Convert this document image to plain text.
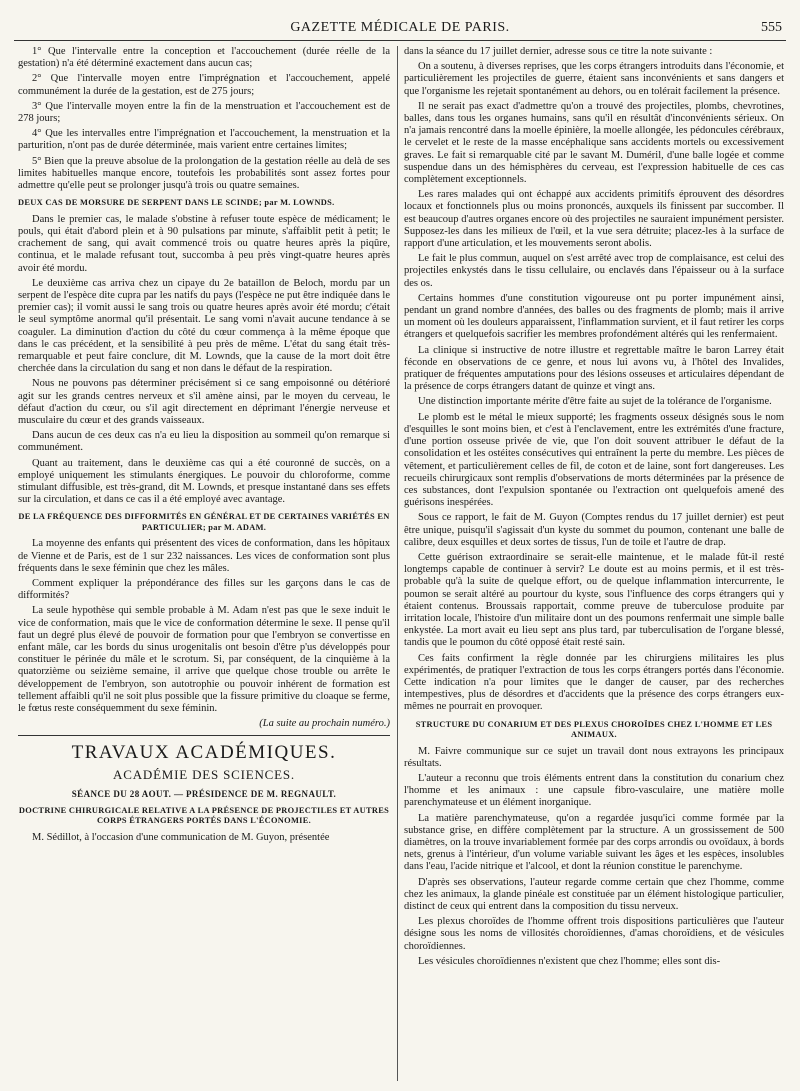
GAZETTE MÉDICALE DE PARIS.	555

1° Que l'intervalle entre la conception et l'accouchement (durée réelle de la gestation) n'a été déterminé exactement dans aucun cas;

2° Que l'intervalle moyen entre l'imprégnation et l'accouchement, appelé communément la durée de la gestation, est de 275 jours;

3° Que l'intervalle moyen entre la fin de la menstruation et l'accouchement est de 278 jours;

4° Que les intervalles entre l'imprégnation et l'accouchement, la menstruation et la parturition, n'ont pas de durée déterminée, mais varient entre certaines limites;

5° Bien que la preuve absolue de la prolongation de la gestation réelle au delà de ses limites habituelles manque encore, toutefois les probabilités sont assez fortes pour admettre qu'elle peut se prolonger jusqu'à trois ou quatre semaines.

DEUX CAS DE MORSURE DE SERPENT DANS LE SCINDE; par M. LOWNDS.

Dans le premier cas, le malade s'obstine à refuser toute espèce de médicament; le pouls, qui était d'abord plein et à 90 pulsations par minute, s'affaiblit petit à petit; le crachement de sang, qui avait commencé trois ou quatre heures après la piqûre, continua, et le malade refusant tout, succomba à peu près vingt-quatre heures après avoir été mordu.

Le deuxième cas arriva chez un cipaye du 2e bataillon de Beloch, mordu par un serpent de l'espèce dite cupra par les natifs du pays (l'espèce ne put être indiquée dans le premier cas); il vomit aussi le sang trois ou quatre heures après avoir été mordu; c'était le seul symptôme anormal qu'il présentait. Le sang vomi n'avait aucune tendance à se coaguler. La diminution d'action du côté du cœur commença à la même époque que dans le cas précédent, et la sensibilité à peu près de même. L'état du sang était très-remarquable et peut faire conclure, dit M. Lownds, que la cause de la mort doit être cherchée dans la circulation du sang et non dans le défaut de la respiration.

Nous ne pouvons pas déterminer précisément si ce sang empoisonné ou détérioré agit sur les grands centres nerveux et s'il amène ainsi, par le moyen du cerveau, le défaut d'action du cœur, ou s'il agit directement en déprimant l'énergie nerveuse et musculaire du cœur et des grands vaisseaux.

Dans aucun de ces deux cas n'a eu lieu la disposition au sommeil qu'on remarque si communément.

Quant au traitement, dans le deuxième cas qui a été couronné de succès, on a employé uniquement les stimulants énergiques. Le pouvoir du chloroforme, comme stimulant diffusible, est très-grand, dit M. Lownds, et presque instantané dans ses effets sur la circulation, et dans ce cas il a été employé avec avantage.

DE LA FRÉQUENCE DES DIFFORMITÉS EN GÉNÉRAL ET DE CERTAINES VARIÉTÉS EN PARTICULIER; par M. ADAM.

La moyenne des enfants qui présentent des vices de conformation, dans les hôpitaux de Vienne et de Paris, est de 1 sur 232 naissances. Les vices de conformation sont plus fréquents dans le sexe féminin que chez les mâles.

Comment expliquer la prépondérance des filles sur les garçons dans le cas de difformités?

La seule hypothèse qui semble probable à M. Adam n'est pas que le sexe induit le vice de conformation, mais que le vice de conformation détermine le sexe. Il pense qu'il faut un degré plus élevé de pouvoir de formation pour que l'embryon se convertisse en enfant mâle, car les bords du sinus urogenitalis ont besoin d'être p'us développés pour constituer le périnée du mâle et le scrotum. Si, par conséquent, de la cinquième à la quatorzième ou seizième semaine, il arrive que quelque chose trouble ou arrête le développement de l'embryon, son autotrophie ou pouvoir inhérent de formation est tellement affaibli qu'il ne soit plus possible que la fissure primitive du cloaque se ferme, le fœtus reste conséquemment du sexe féminin.

(La suite au prochain numéro.)

TRAVAUX ACADÉMIQUES.
ACADÉMIE DES SCIENCES.
SÉANCE DU 28 AOUT. — PRÉSIDENCE DE M. REGNAULT.
DOCTRINE CHIRURGICALE RELATIVE A LA PRÉSENCE DE PROJECTILES ET AUTRES CORPS ÉTRANGERS PORTÉS DANS L'ÉCONOMIE.

M. Sédillot, à l'occasion d'une communication de M. Guyon, présentée

dans la séance du 17 juillet dernier, adresse sous ce titre la note suivante :

On a soutenu, à diverses reprises, que les corps étrangers introduits dans l'économie, et particulièrement les projectiles de guerre, étaient sans inconvénients et sans dangers et que l'organisme les rejetait spontanément au dehors, ou en tolérait facilement la présence.

Il ne serait pas exact d'admettre qu'on a trouvé des projectiles, plombs, chevrotines, balles, dans tous les organes humains, sans qu'il en résultât d'inconvénients sérieux. On n'a jamais rencontré dans la moelle épinière, la moelle allongée, les pédoncules cérébraux, le cervelet et le reste de la masse encéphalique sans accidents mortels ou excessivement graves. Le fait si remarquable cité par le savant M. Duméril, d'une balle logée et comme suspendue dans un des hémisphères du cerveau, est l'expression habituelle de ces cas complètement exceptionnels.

Les rares malades qui ont échappé aux accidents primitifs éprouvent des désordres locaux et fonctionnels plus ou moins prononcés, auxquels ils finissent par succomber. Il est beaucoup d'autres organes encore où des projectiles ne sauraient impunément persister. Supposez-les dans les milieux de l'œil, et la vue sera détruite; placez-les à la surface de rapport d'une articulation, et les mouvements seront abolis.

Le fait le plus commun, auquel on s'est arrêté avec trop de complaisance, est celui des projectiles enkystés dans le tissu cellulaire, ou enclavés dans l'épaisseur ou à la surface des os.

Certains hommes d'une constitution vigoureuse ont pu porter impunément ainsi, pendant un grand nombre d'années, des balles ou des fragments de plomb; mais il arrive un moment où les douleurs apparaissent, l'inflammation survient, et il faut retirer les corps étrangers et quelquefois sacrifier les membres profondément altérés qui les renfermaient.

La clinique si instructive de notre illustre et regrettable maître le baron Larrey était féconde en observations de ce genre, et nous lui avons vu, à l'hôtel des Invalides, pratiquer de fréquentes amputations pour des lésions osseuses et articulaires dépendant de la présence de corps étrangers datant de quinze et vingt ans.

Une distinction importante mérite d'être faite au sujet de la tolérance de l'organisme.

Le plomb est le métal le mieux supporté; les fragments osseux désignés sous le nom d'esquilles le sont moins bien, et c'est à l'enclavement, entre les extrémités d'une fracture, d'une portion osseuse privée de vie, que l'on doit souvent attribuer le défaut de la consolidation et les ostéites consécutives qui entraînent la perte du membre. Les pièces de vêtement, et particulièrement celles de fil, de coton et de laine, sont fort dangereuses. Les recueils chirurgicaux sont remplis d'observations de morts déterminées par la présence de ces substances, dont l'expulsion spontanée ou l'extraction ont quelquefois amené des guérisons inespérées.

Sous ce rapport, le fait de M. Guyon (Comptes rendus du 17 juillet dernier) est peut être unique, puisqu'il s'agissait d'un kyste du sommet du poumon, contenant une balle de calibre, deux esquilles et deux sortes de tissus, l'un de toile et l'autre de drap.

Cette guérison extraordinaire se serait-elle maintenue, et le malade fût-il resté longtemps capable de continuer à servir? Le doute est au moins permis, et il est très-probable qu'à la suite de quelque effort, ou de quelque inflammation intercurrente, le poumon se serait altéré au pourtour du kyste, sous l'influence des corps étrangers qui y étaient contenus. Broussais rapportait, comme preuve de tuberculose produite par irritation locale, l'histoire d'un militaire dont un des poumons renfermait une simple balle enkystée. La mort avait eu lieu sept ans plus tard, par tuberculisation de l'organe blessé, tandis que le poumon du côté opposé était resté sain.

Ces faits confirment la règle donnée par les chirurgiens militaires les plus expérimentés, de pratiquer l'extraction de tous les corps étrangers portés dans l'économie. Cette indication n'a pour limites que le danger de causer, par des recherches intempestives, plus de désordres et d'accidents que la présence des corps étrangers eux-mêmes ne pourrait en provoquer.

STRUCTURE DU CONARIUM ET DES PLEXUS CHOROÏDES CHEZ L'HOMME ET LES ANIMAUX.

M. Faivre communique sur ce sujet un travail dont nous extrayons les principaux résultats.

L'auteur a reconnu que trois éléments entrent dans la constitution du conarium chez l'homme et les animaux : une capsule fibro-vasculaire, une matière molle parenchymateuse et un élément inorganique.

La matière parenchymateuse, qu'on a regardée jusqu'ici comme formée par la substance grise, en diffère complètement par la structure. A un grossissement de 500 diamètres, on la trouve invariablement formée par des corps arrondis ou ovoïdaux, à bords nets, grenus à l'intérieur, d'un volume variable suivant les âges et les espèces, insolubles dans l'eau, l'acide nitrique et l'alcool, et dont la réunion constitue le parenchyme.

D'après ses observations, l'auteur regarde comme certain que chez l'homme, comme chez les animaux, la glande pinéale est constituée par un élément histologique particulier, distinct de ceux qui entrent dans la composition du tissu nerveux.

Les plexus choroïdes de l'homme offrent trois dispositions particulières que l'auteur désigne sous les noms de villosités choroïdiennes, d'amas choroïdiens, et de vésicules choroïdiennes.

Les vésicules choroïdiennes n'existent que chez l'homme; elles sont dis-
